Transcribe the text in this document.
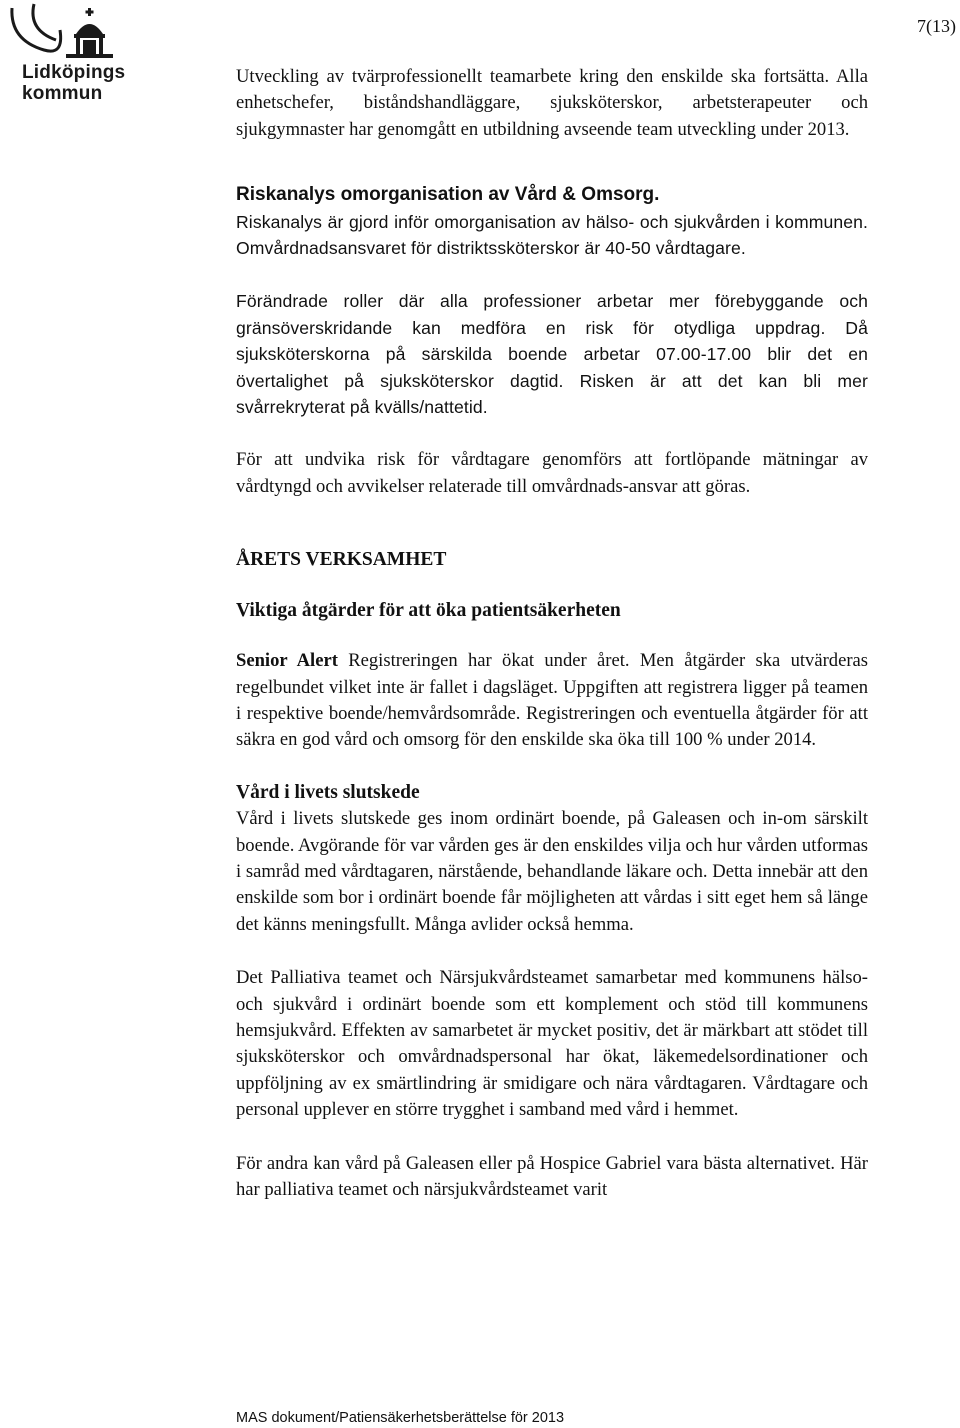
Lidköpings
kommun
7(13)

Utveckling av tvärprofessionellt teamarbete kring den enskilde ska fortsätta. Alla enhetschefer, biståndshandläggare, sjuksköterskor, arbetsterapeuter och sjukgymnaster har genomgått en utbildning avseende team utveckling under 2013.

Riskanalys omorganisation av Vård & Omsorg.

Riskanalys är gjord inför omorganisation av hälso- och sjukvården i kommunen. Omvårdnadsansvaret för distriktssköterskor är 40-50 vårdtagare.

Förändrade roller där alla professioner arbetar mer förebyggande och gränsöverskridande kan medföra en risk för otydliga uppdrag. Då sjuksköterskorna på särskilda boende arbetar 07.00-17.00 blir det en övertalighet på sjuksköterskor dagtid. Risken är att det kan bli mer svårrekryterat på kvälls/nattetid.

För att undvika risk för vårdtagare genomförs att fortlöpande mätningar av vårdtyngd och avvikelser relaterade till omvårdnads-ansvar att göras.

ÅRETS VERKSAMHET

Viktiga åtgärder för att öka patientsäkerheten

Senior Alert Registreringen har ökat under året. Men åtgärder ska utvärderas regelbundet vilket inte är fallet i dagsläget. Uppgiften att registrera ligger på teamen i respektive boende/hemvårdsområde. Registreringen och eventuella åtgärder för att säkra en god vård och omsorg för den enskilde ska öka till 100 % under 2014.

Vård i livets slutskede

Vård i livets slutskede ges inom ordinärt boende, på Galeasen och in-om särskilt boende. Avgörande för var vården ges är den enskildes vilja och hur vården utformas i samråd med vårdtagaren, närstående, behandlande läkare och. Detta innebär att den enskilde som bor i ordinärt boende får möjligheten att vårdas i sitt eget hem så länge det känns meningsfullt. Många avlider också hemma.

Det Palliativa teamet och Närsjukvårdsteamet samarbetar med kommunens hälso- och sjukvård i ordinärt boende som ett komplement och stöd till kommunens hemsjukvård. Effekten av samarbetet är mycket positiv, det är märkbart att stödet till sjuksköterskor och omvårdnadspersonal har ökat, läkemedelsordinationer och uppföljning av ex smärtlindring är smidigare och nära vårdtagaren. Vårdtagare och personal upplever en större trygghet i samband med vård i hemmet.

För andra kan vård på Galeasen eller på Hospice Gabriel vara bästa alternativet. Här har palliativa teamet och närsjukvårdsteamet varit

MAS dokument/Patiensäkerhetsberättelse för 2013
